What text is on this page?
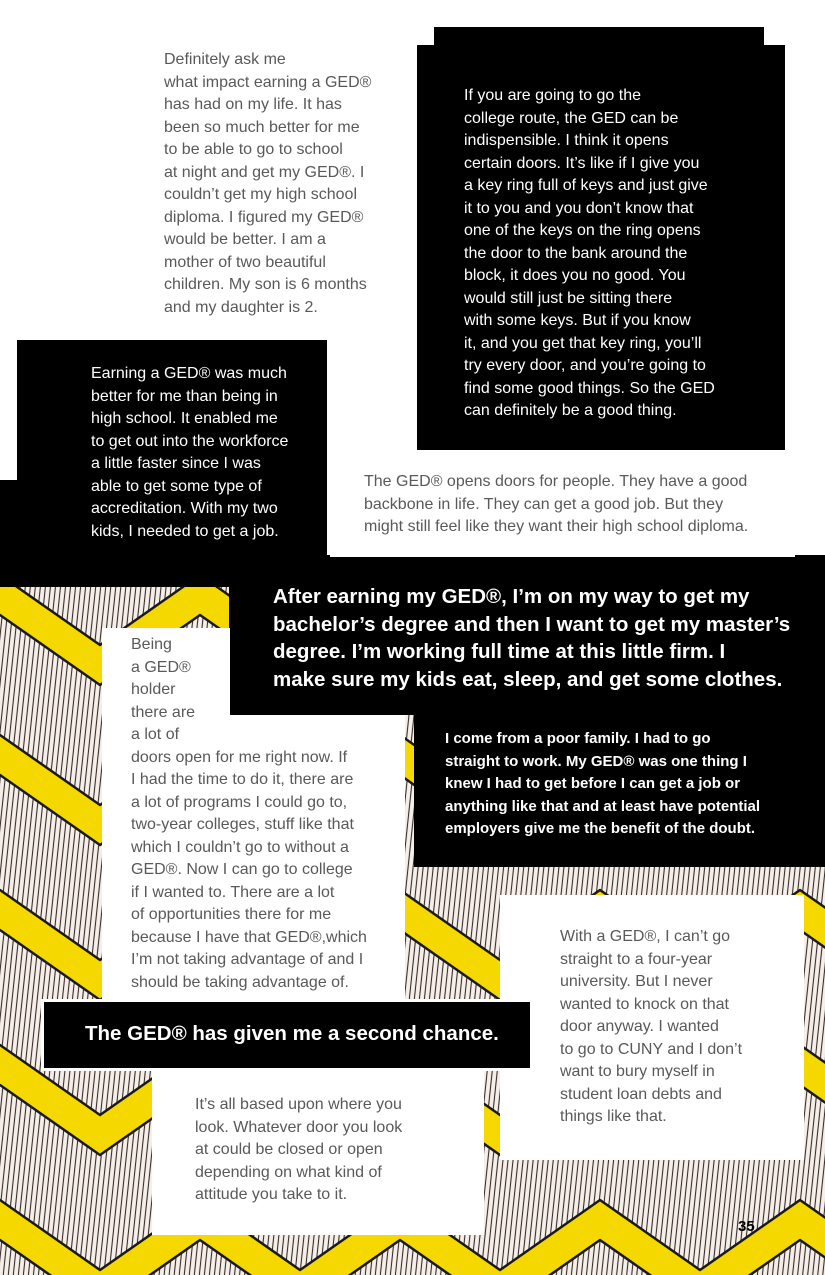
Definitely ask me
what impact earning a GED®
has had on my life. It has
been so much better for me
to be able to go to school
at night and get my GED®. I
couldn’t get my high school
diploma. I figured my GED®
would be better. I am a
mother of two beautiful
children. My son is 6 months
and my daughter is 2.

If you are going to go the
college route, the GED can be
indispensible. I think it opens
certain doors. It’s like if I give you
a key ring full of keys and just give
it to you and you don’t know that
one of the keys on the ring opens
the door to the bank around the
block, it does you no good. You
would still just be sitting there
with some keys. But if you know
it, and you get that key ring, you’ll
try every door, and you’re going to
find some good things. So the GED
can definitely be a good thing.

Earning a GED® was much
better for me than being in
high school. It enabled me
to get out into the workforce
a little faster since I was
able to get some type of
accreditation. With my two
kids, I needed to get a job.

The GED® opens doors for people. They have a good
backbone in life. They can get a good job. But they
might still feel like they want their high school diploma.

After earning my GED®, I’m on my way to get my
bachelor’s degree and then I want to get my master’s
degree. I’m working full time at this little firm. I
make sure my kids eat, sleep, and get some clothes.

Being
a GED®
holder
there are
a lot of
doors open for me right now. If
I had the time to do it, there are
a lot of programs I could go to,
two-year colleges, stuff like that
which I couldn’t go to without a
GED®. Now I can go to college
if I wanted to. There are a lot
of opportunities there for me
because I have that GED®,which
I’m not taking advantage of and I
should be taking advantage of.

I come from a poor family. I had to go
straight to work. My GED® was one thing I
knew I had to get before I can get a job or
anything like that and at least have potential
employers give me the benefit of the doubt.

With a GED®, I can’t go
straight to a four-year
university. But I never
wanted to knock on that
door anyway. I wanted
to go to CUNY and I don’t
want to bury myself in
student loan debts and
things like that.

The GED® has given me a second chance.

It’s all based upon where you
look. Whatever door you look
at could be closed or open
depending on what kind of
attitude you take to it.

35
